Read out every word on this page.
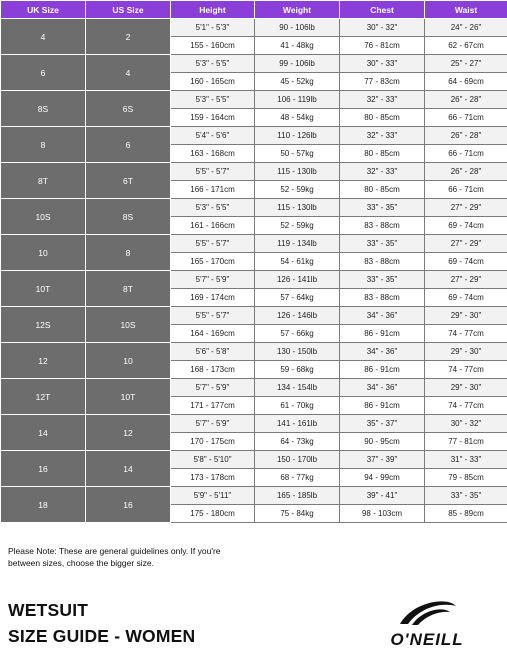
UK Size	US Size	Height	Weight	Chest	Waist
4	2	5'1" - 5'3"	90 - 106lb	30" - 32"	24" - 26"
		155 - 160cm	41 - 48kg	76 - 81cm	62 - 67cm
6	4	5'3" - 5'5"	99 - 106lb	30" - 33"	25" - 27"
		160 - 165cm	45 - 52kg	77 - 83cm	64 - 69cm
8S	6S	5'3" - 5'5"	106 - 119lb	32" - 33"	26" - 28"
		159 - 164cm	48 - 54kg	80 - 85cm	66 - 71cm
8	6	5'4" - 5'6"	110 - 126lb	32" - 33"	26" - 28"
		163 - 168cm	50 - 57kg	80 - 85cm	66 - 71cm
8T	6T	5'5" - 5'7"	115 - 130lb	32" - 33"	26" - 28"
		166 - 171cm	52 - 59kg	80 - 85cm	66 - 71cm
10S	8S	5'3" - 5'5"	115 - 130lb	33" - 35"	27" - 29"
		161 - 166cm	52 - 59kg	83 - 88cm	69 - 74cm
10	8	5'5" - 5'7"	119 - 134lb	33" - 35"	27" - 29"
		165 - 170cm	54 - 61kg	83 - 88cm	69 - 74cm
10T	8T	5'7" - 5'9"	126 - 141lb	33" - 35"	27" - 29"
		169 - 174cm	57 - 64kg	83 - 88cm	69 - 74cm
12S	10S	5'5" - 5'7"	126 - 146lb	34" - 36"	29" - 30"
		164 - 169cm	57 - 66kg	86 - 91cm	74 - 77cm
12	10	5'6" - 5'8"	130 - 150lb	34" - 36"	29" - 30"
		168 - 173cm	59 - 68kg	86 - 91cm	74 - 77cm
12T	10T	5'7" - 5'9"	134 - 154lb	34" - 36"	29" - 30"
		171 - 177cm	61 - 70kg	86 - 91cm	74 - 77cm
14	12	5'7" - 5'9"	141 - 161lb	35" - 37"	30" - 32"
		170 - 175cm	64 - 73kg	90 - 95cm	77 - 81cm
16	14	5'8" - 5'10"	150 - 170lb	37" - 39"	31" - 33"
		173 - 178cm	68 - 77kg	94 - 99cm	79 - 85cm
18	16	5'9" - 5'11"	165 - 185lb	39" - 41"	33" - 35"
		175 - 180cm	75 - 84kg	98 - 103cm	85 - 89cm
Please Note: These are general guidelines only. If you're
between sizes, choose the bigger size.
WETSUIT
SIZE GUIDE - WOMEN	O'NEILL
